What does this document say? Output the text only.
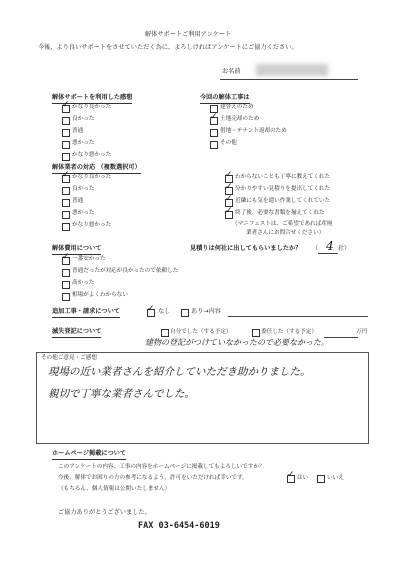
解体サポートご利用アンケート
今後、より良いサポートをさせていただく為に、よろしければアンケートにご協力ください。
お名前
解体サポートを利用した感想
✓ かなり良かった
良かった
普通
悪かった
かなり悪かった
今回の解体工事は
建替えのため
✓ 土地売却のため
借地・テナント返却のため
その他
解体業者の対応 （複数選択可）
✓ かなり良かった
良かった
普通
悪かった
かなり悪かった
✓ わからないことも丁寧に教えてくれた
✓ 分かりやすい見積りを提出してくれた
✓ 近隣にも気を遣い作業してくれていた
✓ 終了後、必要な書類を揃えてくれた
（マニフェストは、ご希望であれば産廃
業者さんにお問合せください）
解体費用について
✓ 一番安かった
普通だったが対応が良かったので依頼した
高かった
相場がよくわからない
見積りは何社に出してもらいましたか？ （ 4 社）
追加工事・請求について	✓ なし	あり→内容
滅失登記について	自分でした（する予定）	委任した（する予定）	万円
建物の登記がつけていなかったので必要なかった。
その他ご意見・ご感想
現場の近い業者さんを紹介していただき助かりました。
親切で丁寧な業者さんでした。
ホームページ掲載について
このアンケートの内容、工事の内容をホームページに掲載してもよろしいですか？
今後、解体でお困りの方の参考になるよう、許可をいただければ幸いです。
（もちろん、個人情報は公開いたしません）
✓ はい	いいえ
ご協力ありがとうございました。
FAX 03-6454-6019
